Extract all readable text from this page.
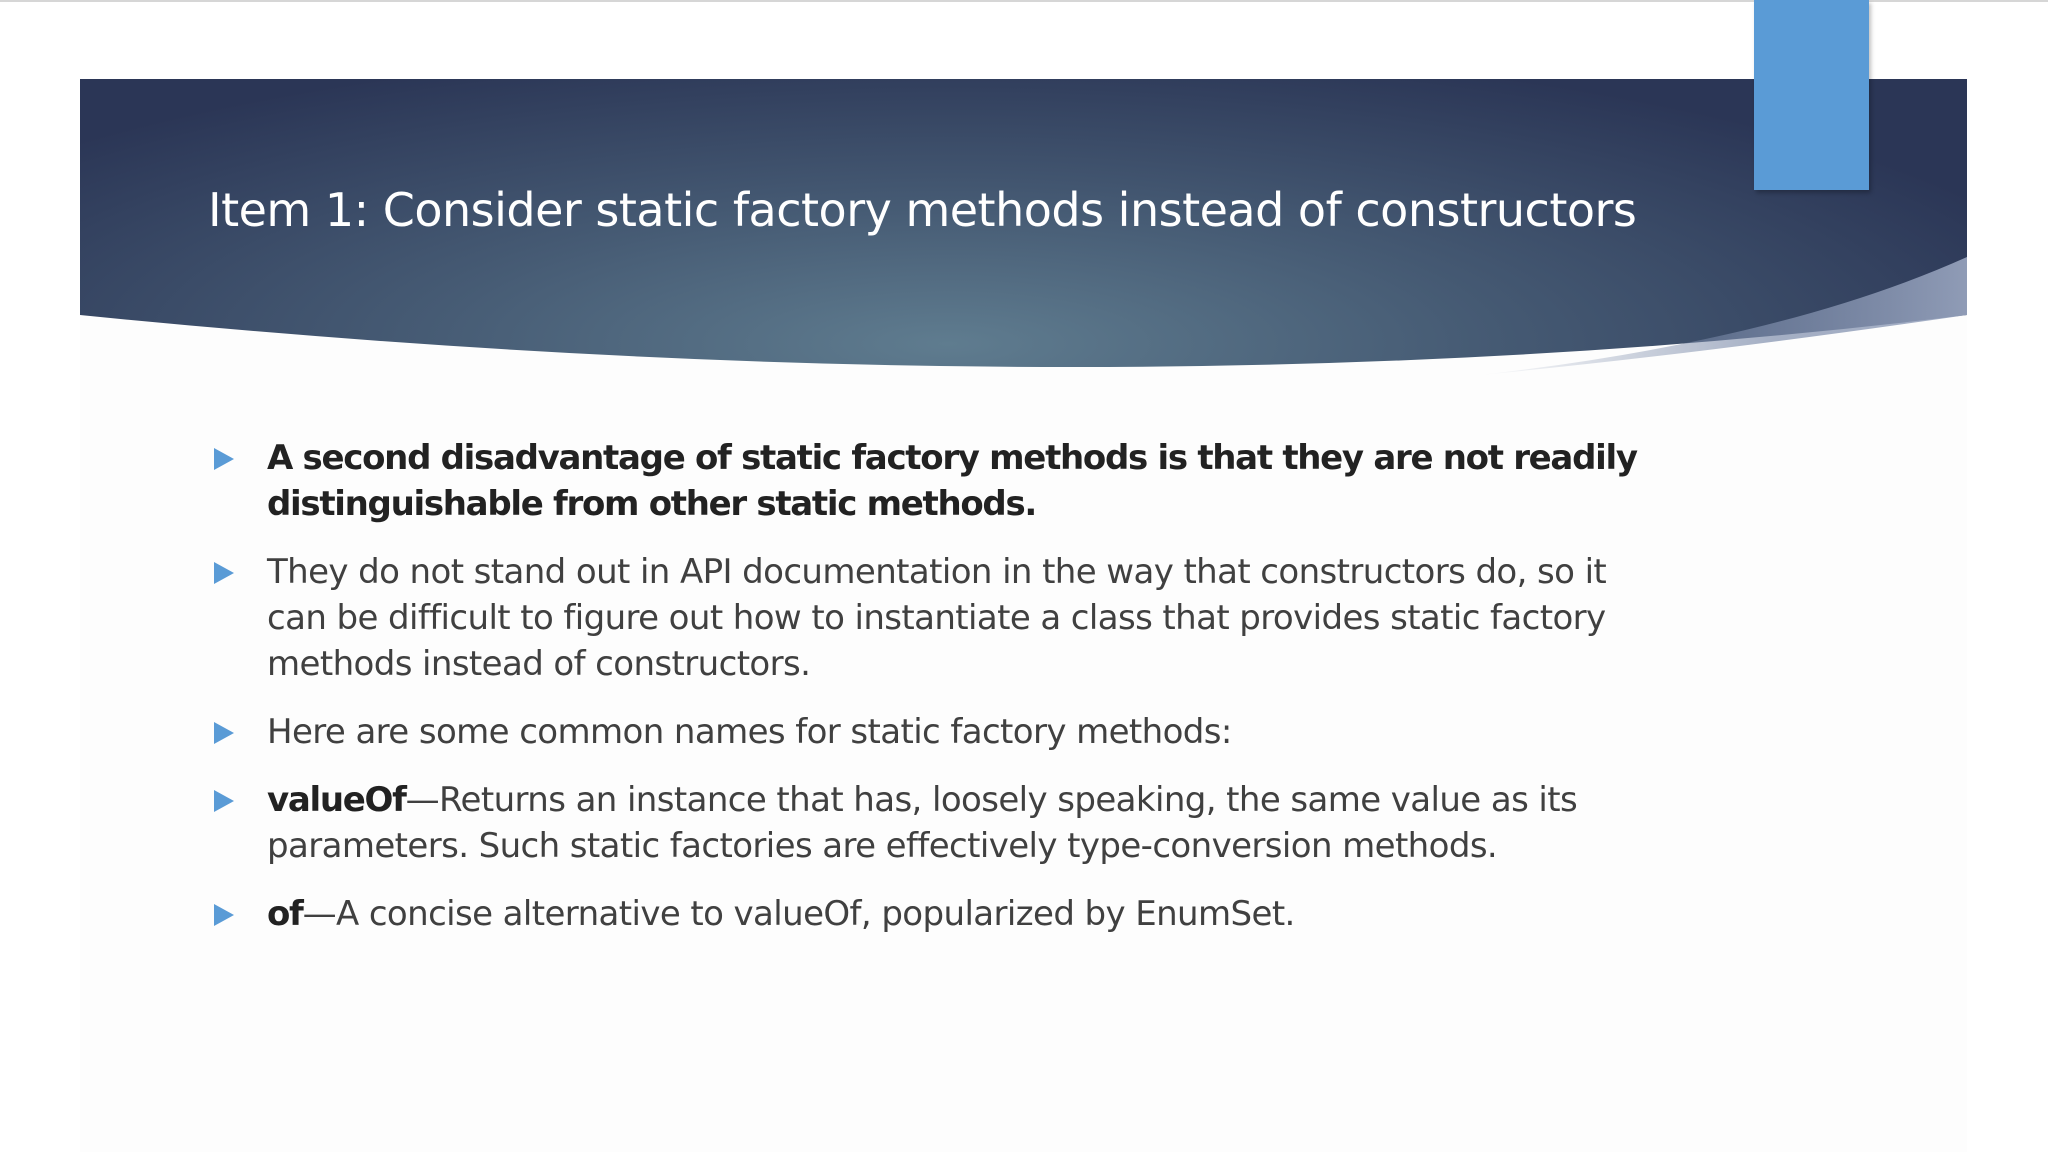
Item 1: Consider static factory methods instead of constructors
A second disadvantage of static factory methods is that they are not readily distinguishable from other static methods.
They do not stand out in API documentation in the way that constructors do, so it can be difficult to figure out how to instantiate a class that provides static factory methods instead of constructors.
Here are some common names for static factory methods:
valueOf—Returns an instance that has, loosely speaking, the same value as its parameters. Such static factories are effectively type-conversion methods.
of—A concise alternative to valueOf, popularized by EnumSet.
